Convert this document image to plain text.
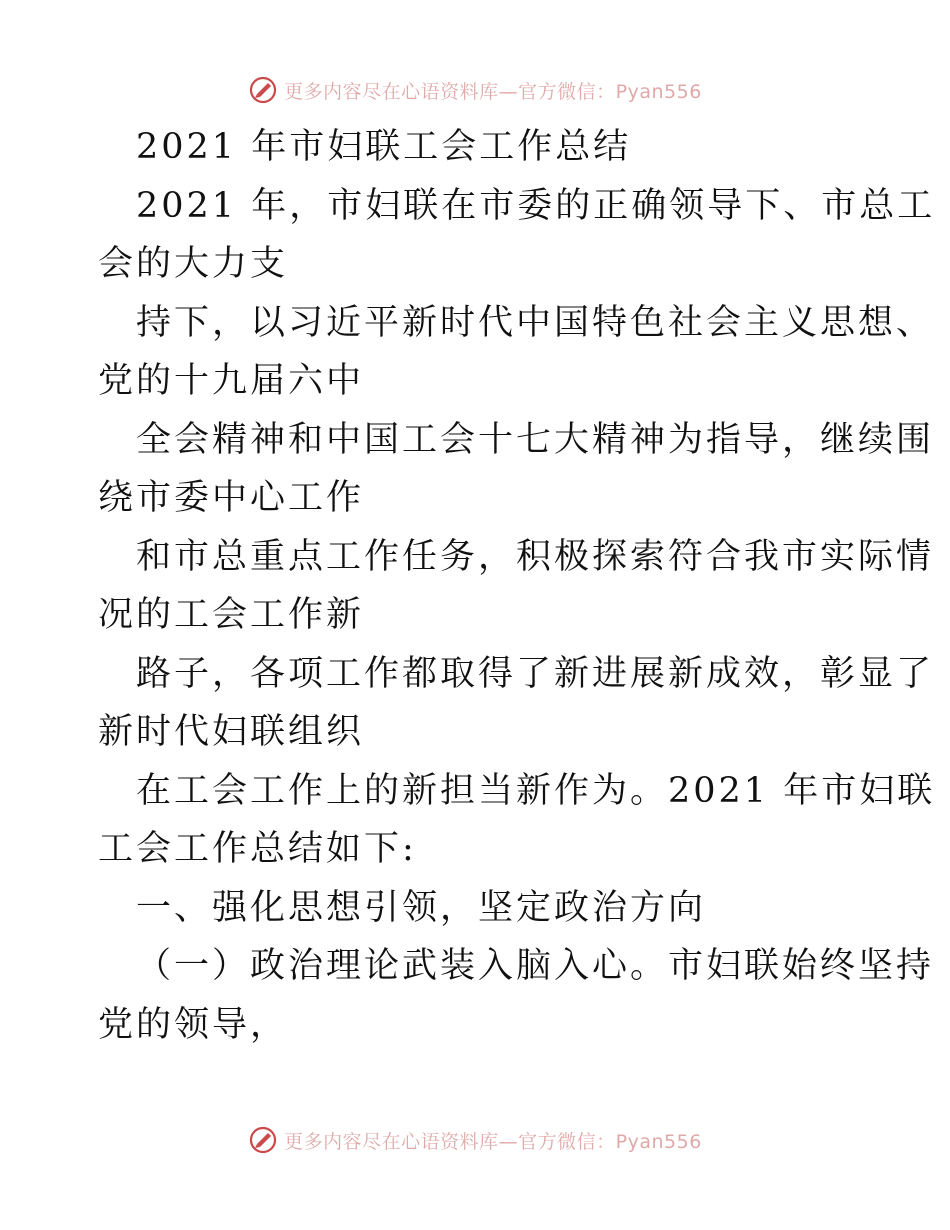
更多内容尽在心语资料库—官方微信：Pyan556
2021 年市妇联工会工作总结
2021 年，市妇联在市委的正确领导下、市总工
会的大力支
持下，以习近平新时代中国特色社会主义思想、
党的十九届六中
全会精神和中国工会十七大精神为指导，继续围
绕市委中心工作
和市总重点工作任务，积极探索符合我市实际情
况的工会工作新
路子，各项工作都取得了新进展新成效，彰显了
新时代妇联组织
在工会工作上的新担当新作为。2021 年市妇联
工会工作总结如下:
一、强化思想引领，坚定政治方向
（一）政治理论武装入脑入心。市妇联始终坚持
党的领导，
更多内容尽在心语资料库—官方微信：Pyan556
